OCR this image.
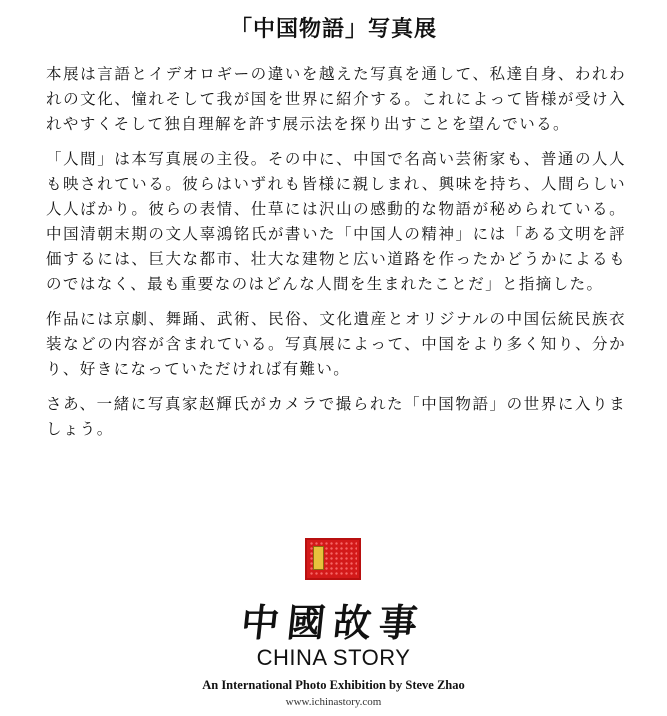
「中国物語」写真展

本展は言語とイデオロギーの違いを越えた写真を通して、私達自身、われわれの文化、憧れそして我が国を世界に紹介する。これによって皆様が受け入れやすくそして独自理解を許す展示法を探り出すことを望んでいる。

「人間」は本写真展の主役。その中に、中国で名高い芸術家も、普通の人人も映されている。彼らはいずれも皆様に親しまれ、興味を持ち、人間らしい人人ばかり。彼らの表情、仕草には沢山の感動的な物語が秘められている。中国清朝末期の文人辜鴻铭氏が書いた「中国人の精神」には「ある文明を評価するには、巨大な都市、壮大な建物と広い道路を作ったかどうかによるものではなく、最も重要なのはどんな人間を生まれたことだ」と指摘した。

作品には京劇、舞踊、武術、民俗、文化遺産とオリジナルの中国伝統民族衣装などの内容が含まれている。写真展によって、中国をより多く知り、分かり、好きになっていただければ有難い。

さあ、一緒に写真家赵輝氏がカメラで撮られた「中国物語」の世界に入りましょう。

中國故事
CHINA STORY
An International Photo Exhibition by Steve Zhao
www.ichinastory.com
